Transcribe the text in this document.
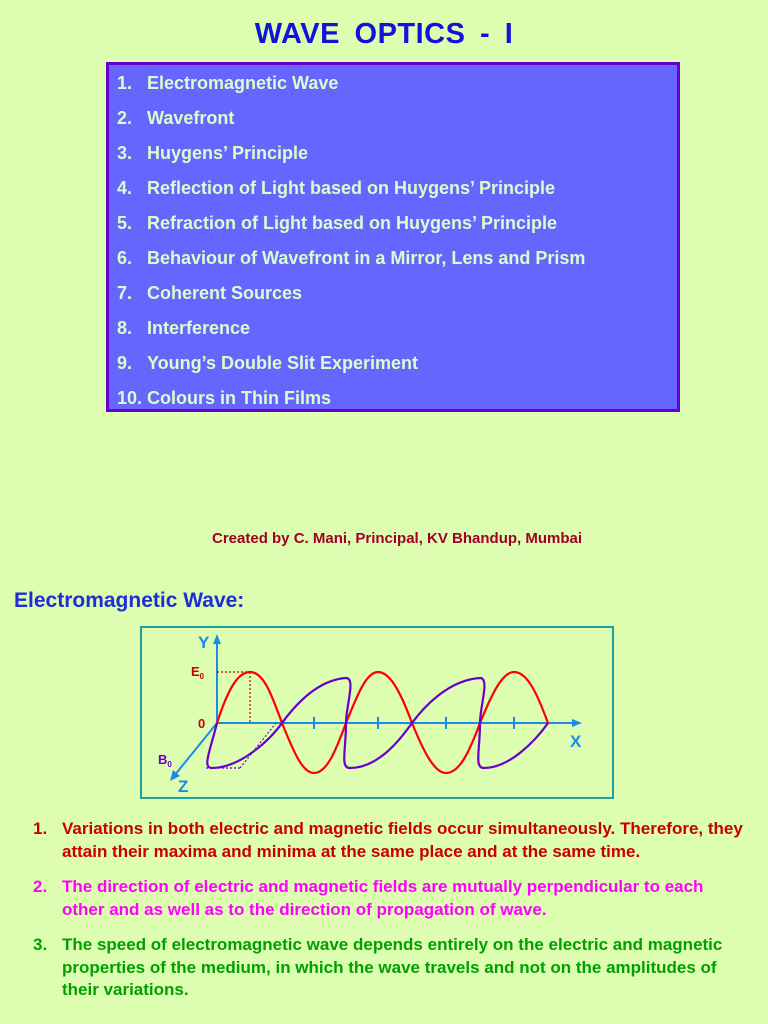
WAVE OPTICS - I
1. Electromagnetic Wave
2. Wavefront
3. Huygens’ Principle
4. Reflection of Light based on Huygens’ Principle
5. Refraction of Light based on Huygens’ Principle
6. Behaviour of Wavefront in a Mirror, Lens and Prism
7. Coherent Sources
8. Interference
9. Young’s Double Slit Experiment
10. Colours in Thin Films
Created by C. Mani, Principal, KV Bhandup, Mumbai
Electromagnetic Wave:
Y
X
Z
0
$E_0$
$B_0$
1. Variations in both electric and magnetic fields occur simultaneously. Therefore, they attain their maxima and minima at the same place and at the same time.
2. The direction of electric and magnetic fields are mutually perpendicular to each other and as well as to the direction of propagation of wave.
3. The speed of electromagnetic wave depends entirely on the electric and magnetic properties of the medium, in which the wave travels and not on the amplitudes of their variations.
